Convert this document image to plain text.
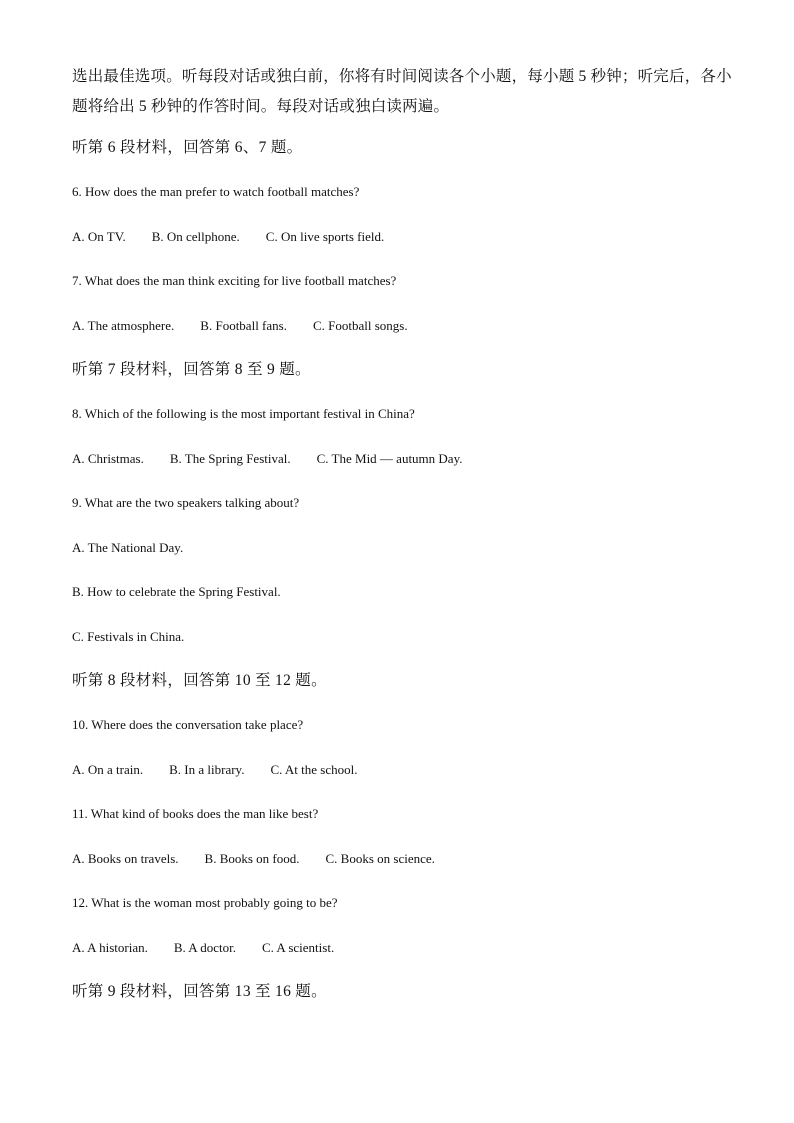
选出最佳选项。听每段对话或独白前，你将有时间阅读各个小题，每小题 5 秒钟；听完后，各小题将给出 5 秒钟的作答时间。每段对话或独白读两遍。

听第 6 段材料，回答第 6、7 题。

6. How does the man prefer to watch football matches?

A. On TV. B. On cellphone. C. On live sports field.

7. What does the man think exciting for live football matches?

A. The atmosphere. B. Football fans. C. Football songs.

听第 7 段材料，回答第 8 至 9 题。

8. Which of the following is the most important festival in China?

A. Christmas. B. The Spring Festival. C. The Mid — autumn Day.

9. What are the two speakers talking about?

A. The National Day.

B. How to celebrate the Spring Festival.

C. Festivals in China.

听第 8 段材料，回答第 10 至 12 题。

10. Where does the conversation take place?

A. On a train. B. In a library. C. At the school.

11. What kind of books does the man like best?

A. Books on travels. B. Books on food. C. Books on science.

12. What is the woman most probably going to be?

A. A historian. B. A doctor. C. A scientist.

听第 9 段材料，回答第 13 至 16 题。
